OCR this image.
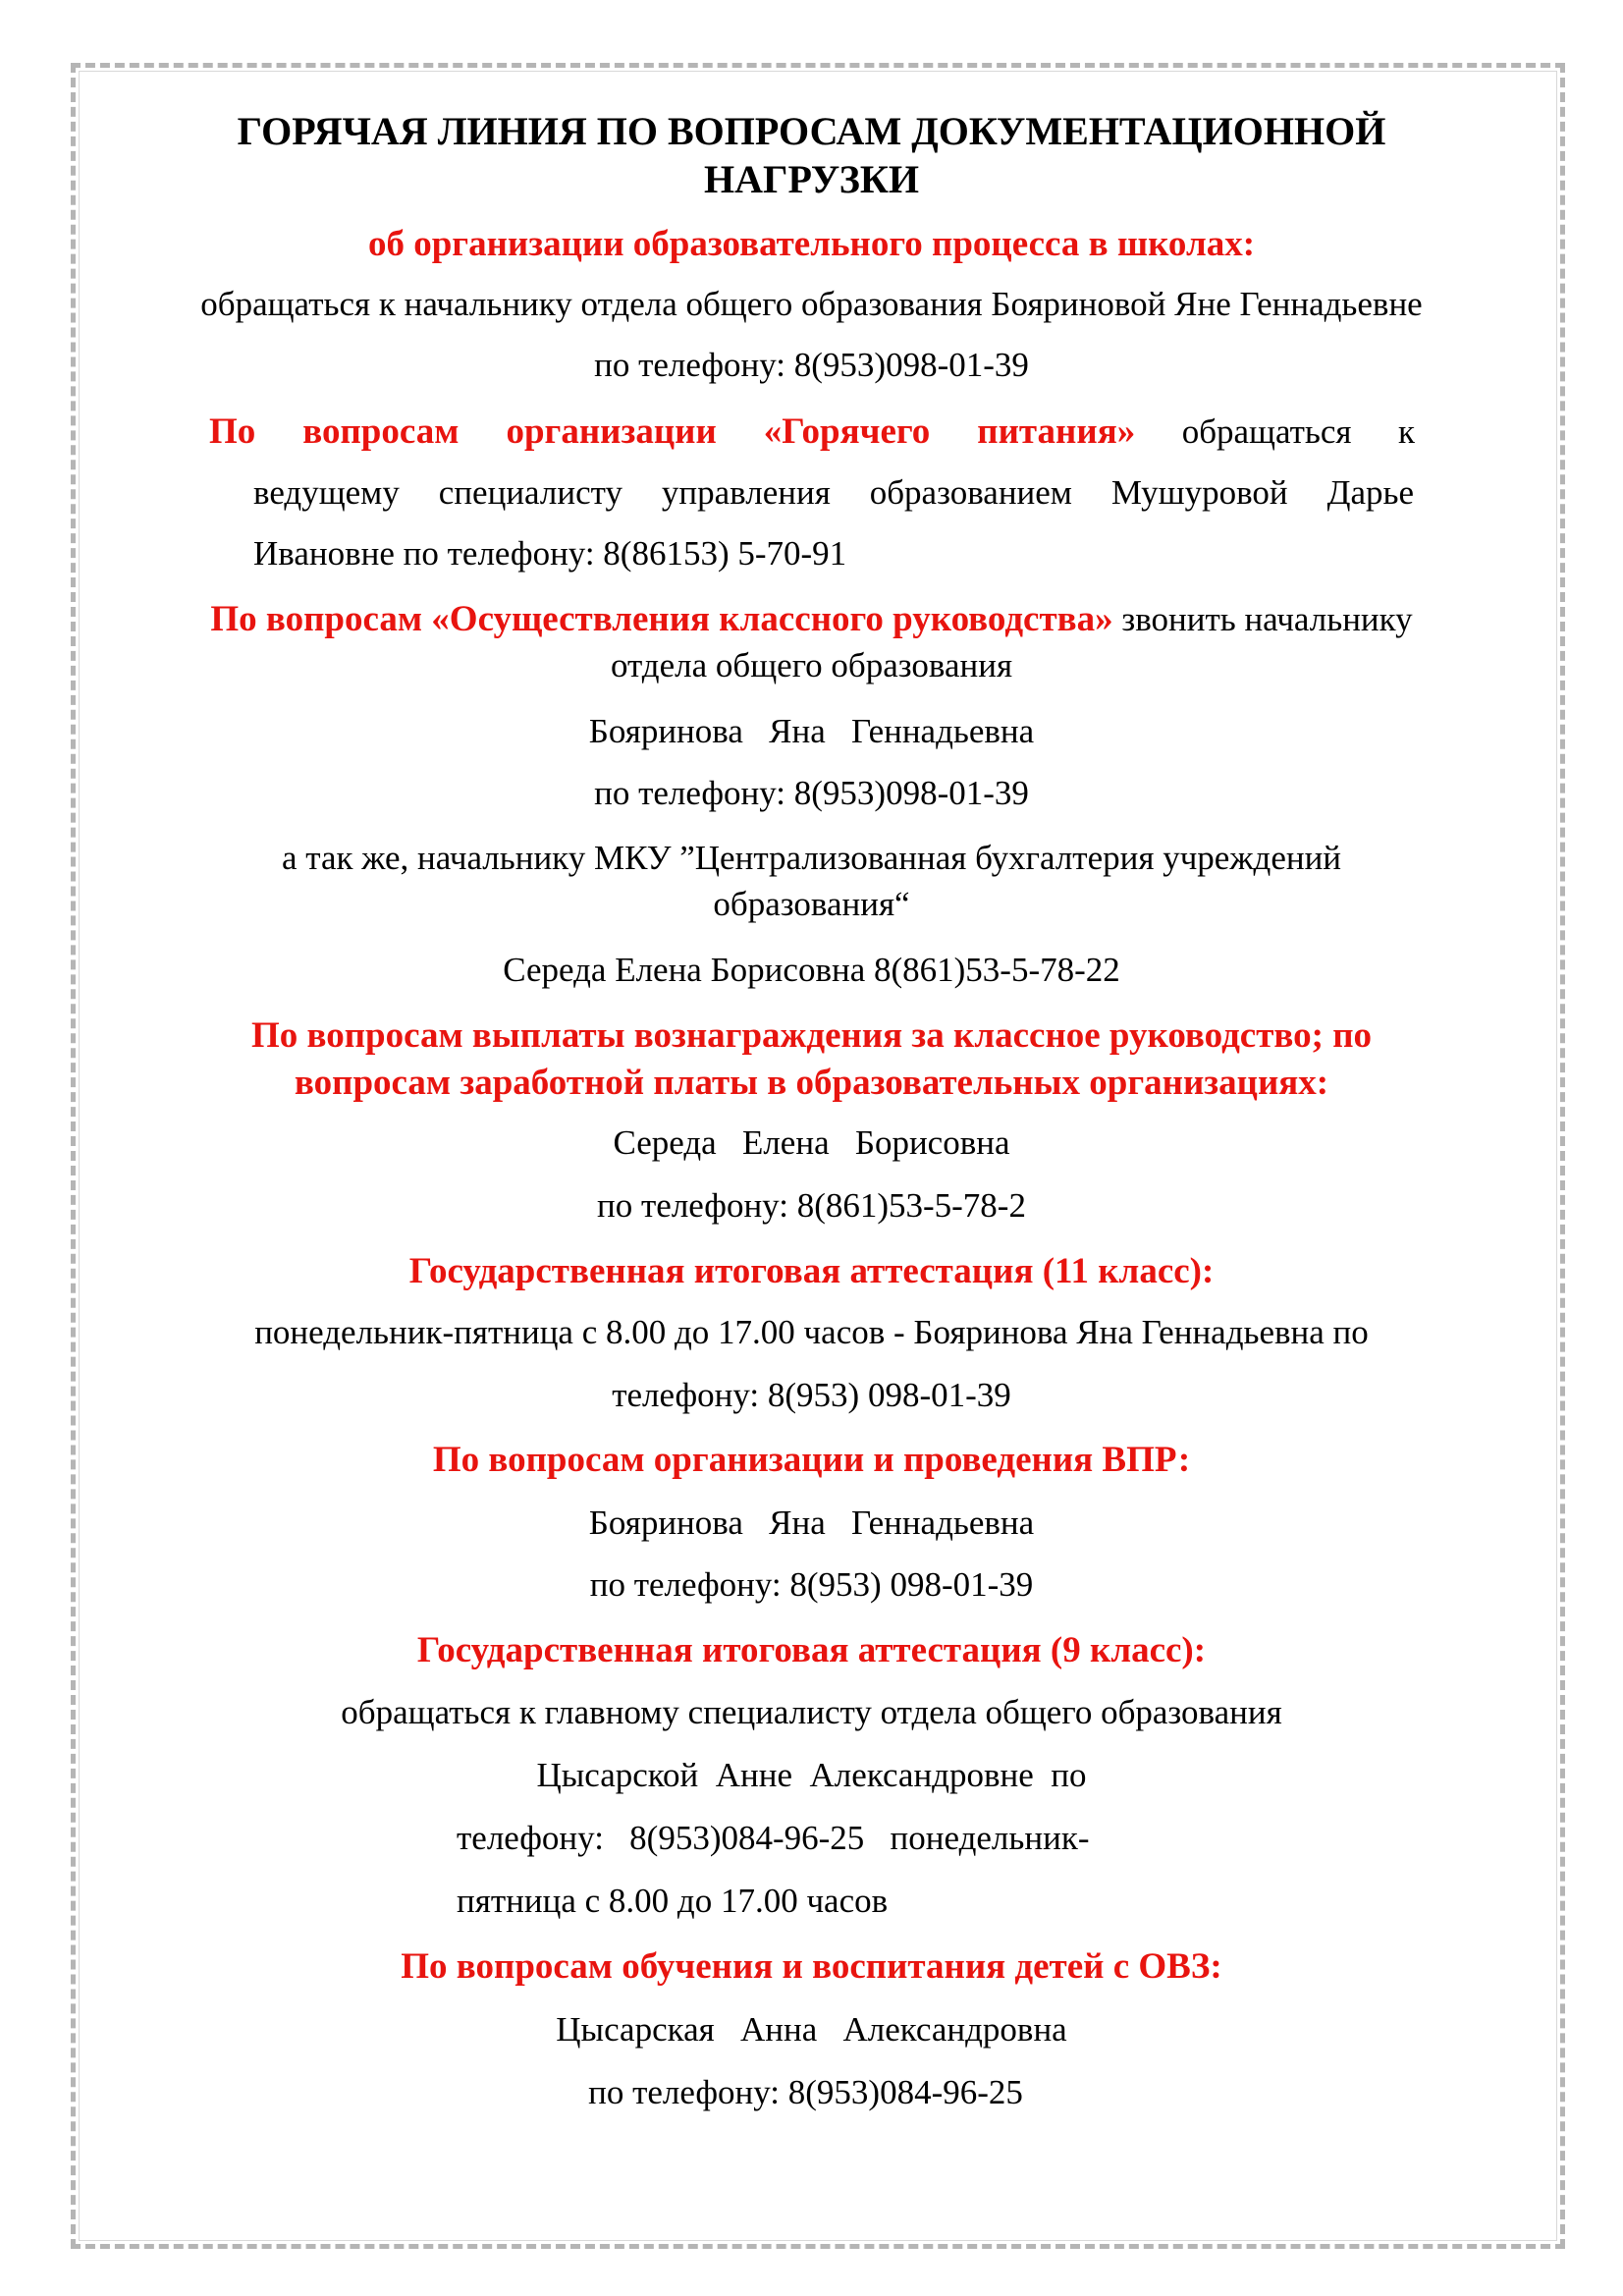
ГОРЯЧАЯ ЛИНИЯ ПО ВОПРОСАМ ДОКУМЕНТАЦИОННОЙ
НАГРУЗКИ
об организации образовательного процесса в школах:
обращаться к начальнику отдела общего образования Бояриновой Яне Геннадьевне
по телефону: 8(953)098-01-39
По вопросам организации «Горячего питания» обращаться к
ведущему специалисту управления образованием Мушуровой Дарье
Ивановне по телефону: 8(86153) 5-70-91
По вопросам «Осуществления классного руководства» звонить начальнику
отдела общего образования
Бояринова   Яна   Геннадьевна
по телефону: 8(953)098-01-39
а так же, начальнику МКУ ”Централизованная бухгалтерия учреждений
образования“
Середа Елена Борисовна 8(861)53-5-78-22
По вопросам выплаты вознаграждения за классное руководство; по
вопросам заработной платы в образовательных организациях:
Середа   Елена   Борисовна
по телефону: 8(861)53-5-78-2
Государственная итоговая аттестация (11 класс):
понедельник-пятница с 8.00 до 17.00 часов - Бояринова Яна Геннадьевна по
телефону: 8(953) 098-01-39
По вопросам организации и проведения ВПР:
Бояринова   Яна   Геннадьевна
по телефону: 8(953) 098-01-39
Государственная итоговая аттестация (9 класс):
обращаться к главному специалисту отдела общего образования
Цысарской  Анне  Александровне  по
телефону:   8(953)084-96-25   понедельник-
пятница с 8.00 до 17.00 часов
По вопросам обучения и воспитания детей с ОВЗ:
Цысарская   Анна   Александровна
по телефону: 8(953)084-96-25
